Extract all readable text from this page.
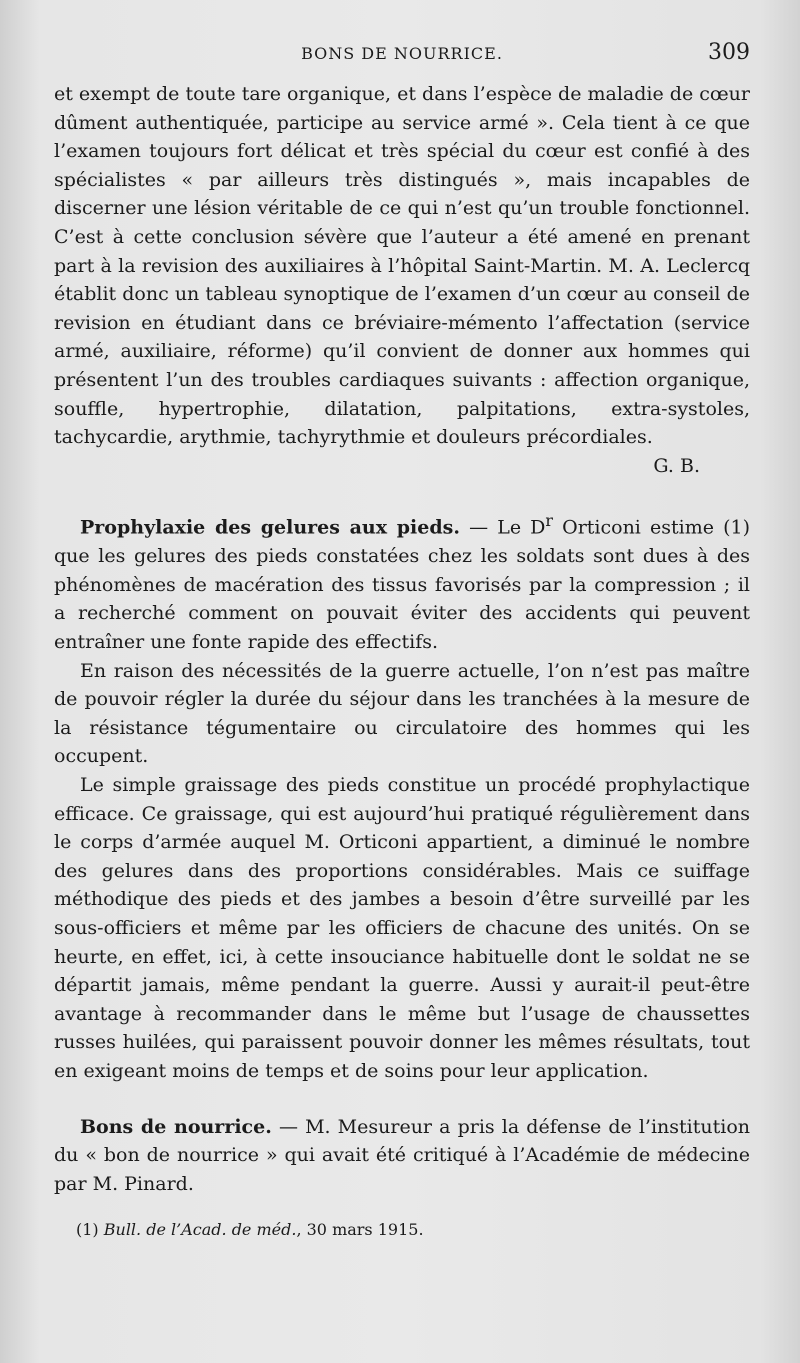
BONS DE NOURRICE.	309

et exempt de toute tare organique, et dans l’espèce de maladie de cœur dûment authentiquée, participe au service armé ». Cela tient à ce que l’examen toujours fort délicat et très spécial du cœur est confié à des spécialistes « par ailleurs très distingués », mais incapables de discerner une lésion véritable de ce qui n’est qu’un trouble fonctionnel. C’est à cette conclusion sévère que l’auteur a été amené en prenant part à la revision des auxiliaires à l’hôpital Saint-Martin. M. A. Leclercq établit donc un tableau synoptique de l’examen d’un cœur au conseil de revision en étudiant dans ce bréviaire-mémento l’affectation (service armé, auxiliaire, réforme) qu’il convient de donner aux hommes qui présentent l’un des troubles cardiaques suivants : affection organique, souffle, hypertrophie, dilatation, palpitations, extra-systoles, tachycardie, arythmie, tachyrythmie et douleurs précordiales.

G. B.

Prophylaxie des gelures aux pieds. — Le $D^r$ Orticoni estime (1) que les gelures des pieds constatées chez les soldats sont dues à des phénomènes de macération des tissus favorisés par la compression ; il a recherché comment on pouvait éviter des accidents qui peuvent entraîner une fonte rapide des effectifs.

En raison des nécessités de la guerre actuelle, l’on n’est pas maître de pouvoir régler la durée du séjour dans les tranchées à la mesure de la résistance tégumentaire ou circulatoire des hommes qui les occupent.

Le simple graissage des pieds constitue un procédé prophylactique efficace. Ce graissage, qui est aujourd’hui pratiqué régulièrement dans le corps d’armée auquel M. Orticoni appartient, a diminué le nombre des gelures dans des proportions considérables. Mais ce suiffage méthodique des pieds et des jambes a besoin d’être surveillé par les sous-officiers et même par les officiers de chacune des unités. On se heurte, en effet, ici, à cette insouciance habituelle dont le soldat ne se départit jamais, même pendant la guerre. Aussi y aurait-il peut-être avantage à recommander dans le même but l’usage de chaussettes russes huilées, qui paraissent pouvoir donner les mêmes résultats, tout en exigeant moins de temps et de soins pour leur application.

Bons de nourrice. — M. Mesureur a pris la défense de l’institution du « bon de nourrice » qui avait été critiqué à l’Académie de médecine par M. Pinard.

(1) Bull. de l’Acad. de méd., 30 mars 1915.
